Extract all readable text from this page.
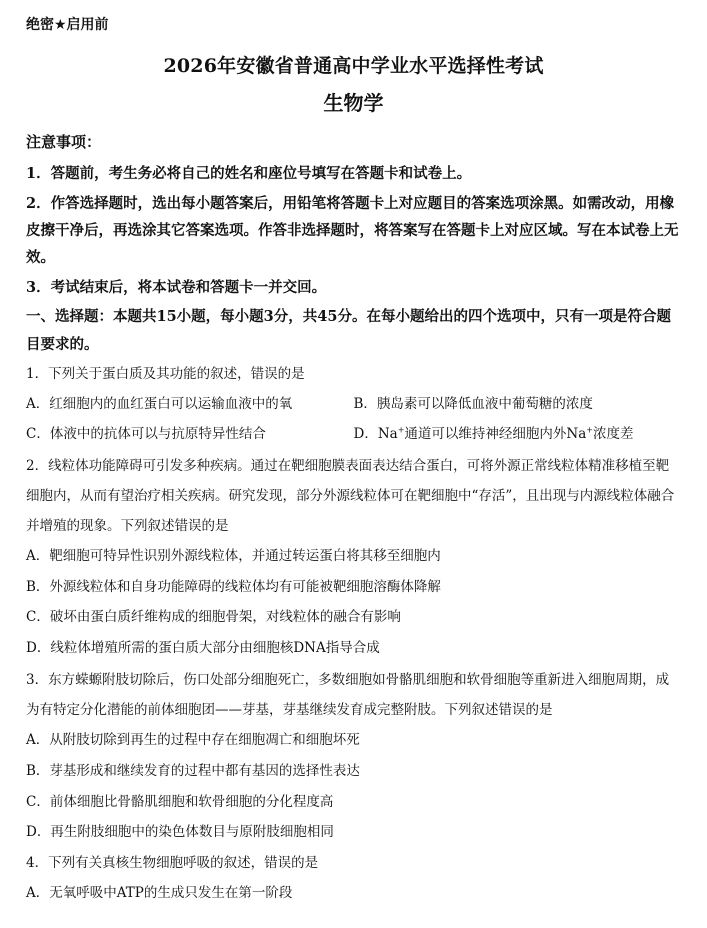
绝密★启用前
2026年安徽省普通高中学业水平选择性考试
生物学
注意事项：
1．答题前，考生务必将自己的姓名和座位号填写在答题卡和试卷上。
2．作答选择题时，选出每小题答案后，用铅笔将答题卡上对应题目的答案选项涂黑。如需改动，用橡皮擦干净后，再选涂其它答案选项。作答非选择题时，将答案写在答题卡上对应区域。写在本试卷上无效。
3．考试结束后，将本试卷和答题卡一并交回。
一、选择题：本题共15小题，每小题3分，共45分。在每小题给出的四个选项中，只有一项是符合题目要求的。
1．下列关于蛋白质及其功能的叙述，错误的是
A．红细胞内的血红蛋白可以运输血液中的氧	B．胰岛素可以降低血液中葡萄糖的浓度
C．体液中的抗体可以与抗原特异性结合	D．Na+通道可以维持神经细胞内外Na+浓度差
2．线粒体功能障碍可引发多种疾病。通过在靶细胞膜表面表达结合蛋白，可将外源正常线粒体精准移植至靶细胞内，从而有望治疗相关疾病。研究发现，部分外源线粒体可在靶细胞中“存活”，且出现与内源线粒体融合并增殖的现象。下列叙述错误的是
A．靶细胞可特异性识别外源线粒体，并通过转运蛋白将其移至细胞内
B．外源线粒体和自身功能障碍的线粒体均有可能被靶细胞溶酶体降解
C．破坏由蛋白质纤维构成的细胞骨架，对线粒体的融合有影响
D．线粒体增殖所需的蛋白质大部分由细胞核DNA指导合成
3．东方蝾螈附肢切除后，伤口处部分细胞死亡，多数细胞如骨骼肌细胞和软骨细胞等重新进入细胞周期，成为有特定分化潜能的前体细胞团——芽基，芽基继续发育成完整附肢。下列叙述错误的是
A．从附肢切除到再生的过程中存在细胞凋亡和细胞坏死
B．芽基形成和继续发育的过程中都有基因的选择性表达
C．前体细胞比骨骼肌细胞和软骨细胞的分化程度高
D．再生附肢细胞中的染色体数目与原附肢细胞相同
4．下列有关真核生物细胞呼吸的叙述，错误的是
A．无氧呼吸中ATP的生成只发生在第一阶段
